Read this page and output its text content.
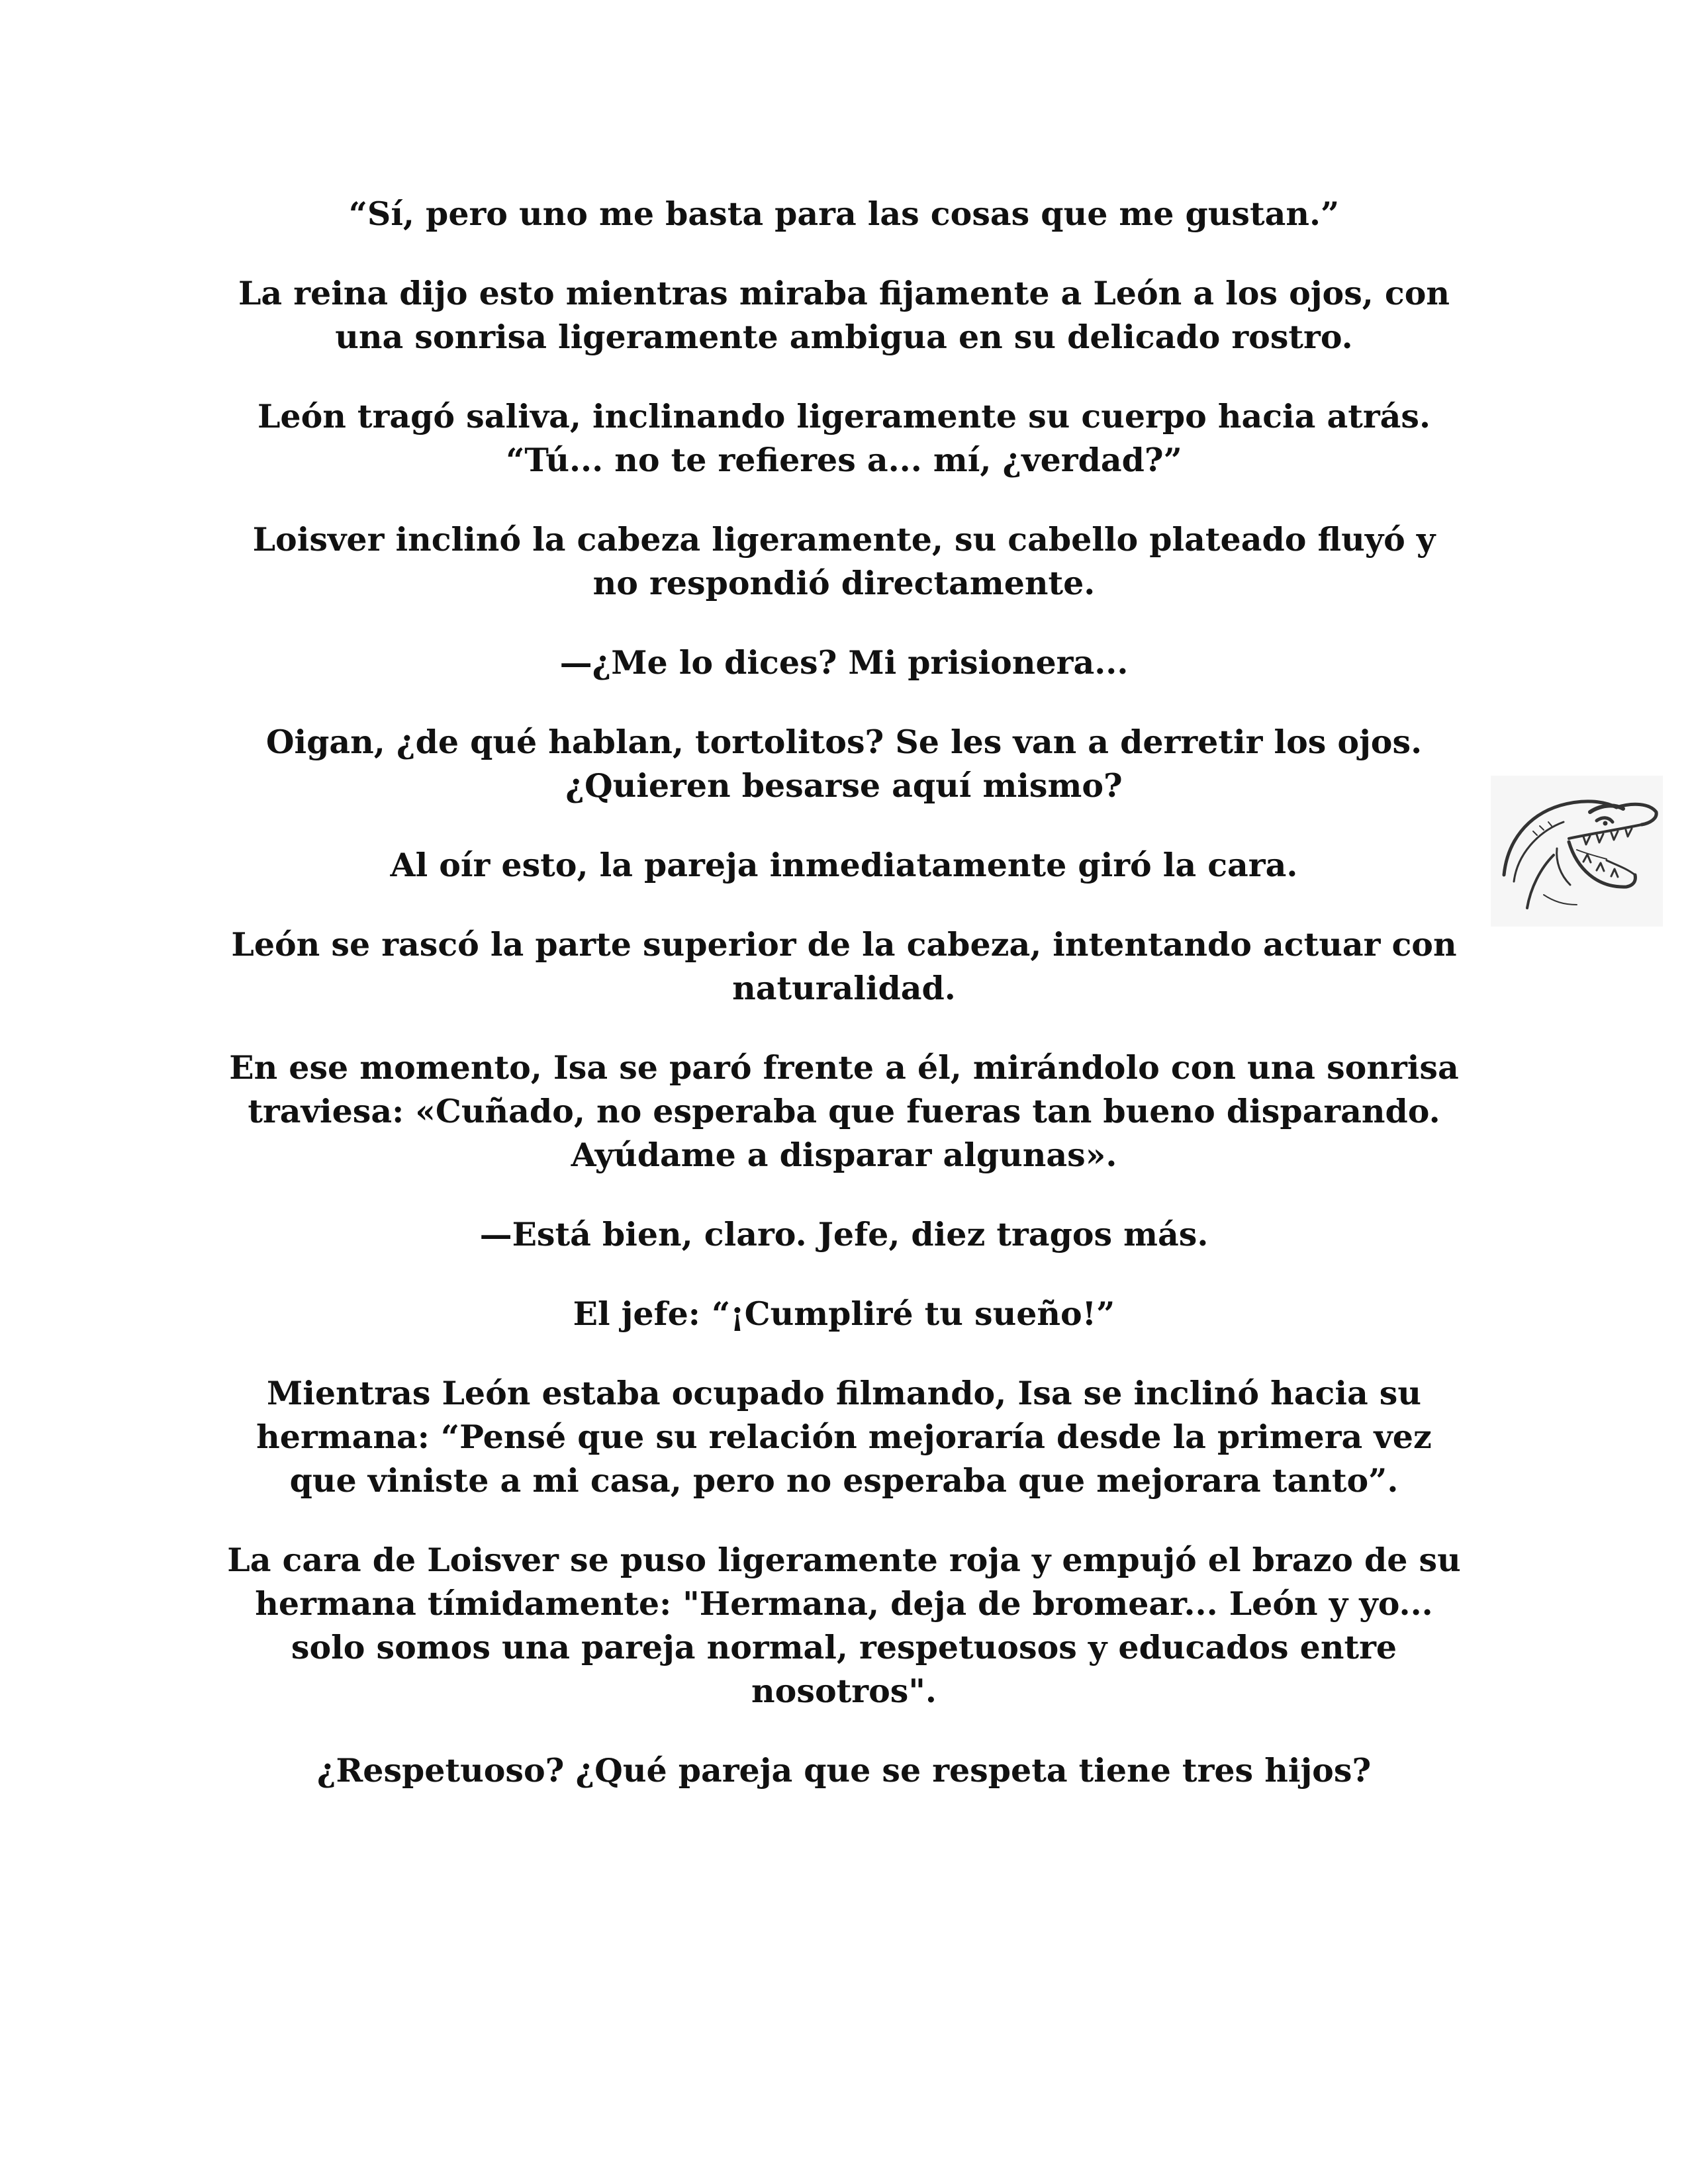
“Sí, pero uno me basta para las cosas que me gustan.”

La reina dijo esto mientras miraba fijamente a León a los ojos, con una sonrisa ligeramente ambigua en su delicado rostro.

León tragó saliva, inclinando ligeramente su cuerpo hacia atrás. “Tú... no te refieres a... mí, ¿verdad?”

Loisver inclinó la cabeza ligeramente, su cabello plateado fluyó y no respondió directamente.

—¿Me lo dices? Mi prisionera...

Oigan, ¿de qué hablan, tortolitos? Se les van a derretir los ojos. ¿Quieren besarse aquí mismo?

Al oír esto, la pareja inmediatamente giró la cara.

León se rascó la parte superior de la cabeza, intentando actuar con naturalidad.

En ese momento, Isa se paró frente a él, mirándolo con una sonrisa traviesa: «Cuñado, no esperaba que fueras tan bueno disparando. Ayúdame a disparar algunas».

—Está bien, claro. Jefe, diez tragos más.

El jefe: “¡Cumpliré tu sueño!”

Mientras León estaba ocupado filmando, Isa se inclinó hacia su hermana: “Pensé que su relación mejoraría desde la primera vez que viniste a mi casa, pero no esperaba que mejorara tanto”.

La cara de Loisver se puso ligeramente roja y empujó el brazo de su hermana tímidamente: "Hermana, deja de bromear... León y yo... solo somos una pareja normal, respetuosos y educados entre nosotros".

¿Respetuoso? ¿Qué pareja que se respeta tiene tres hijos?
